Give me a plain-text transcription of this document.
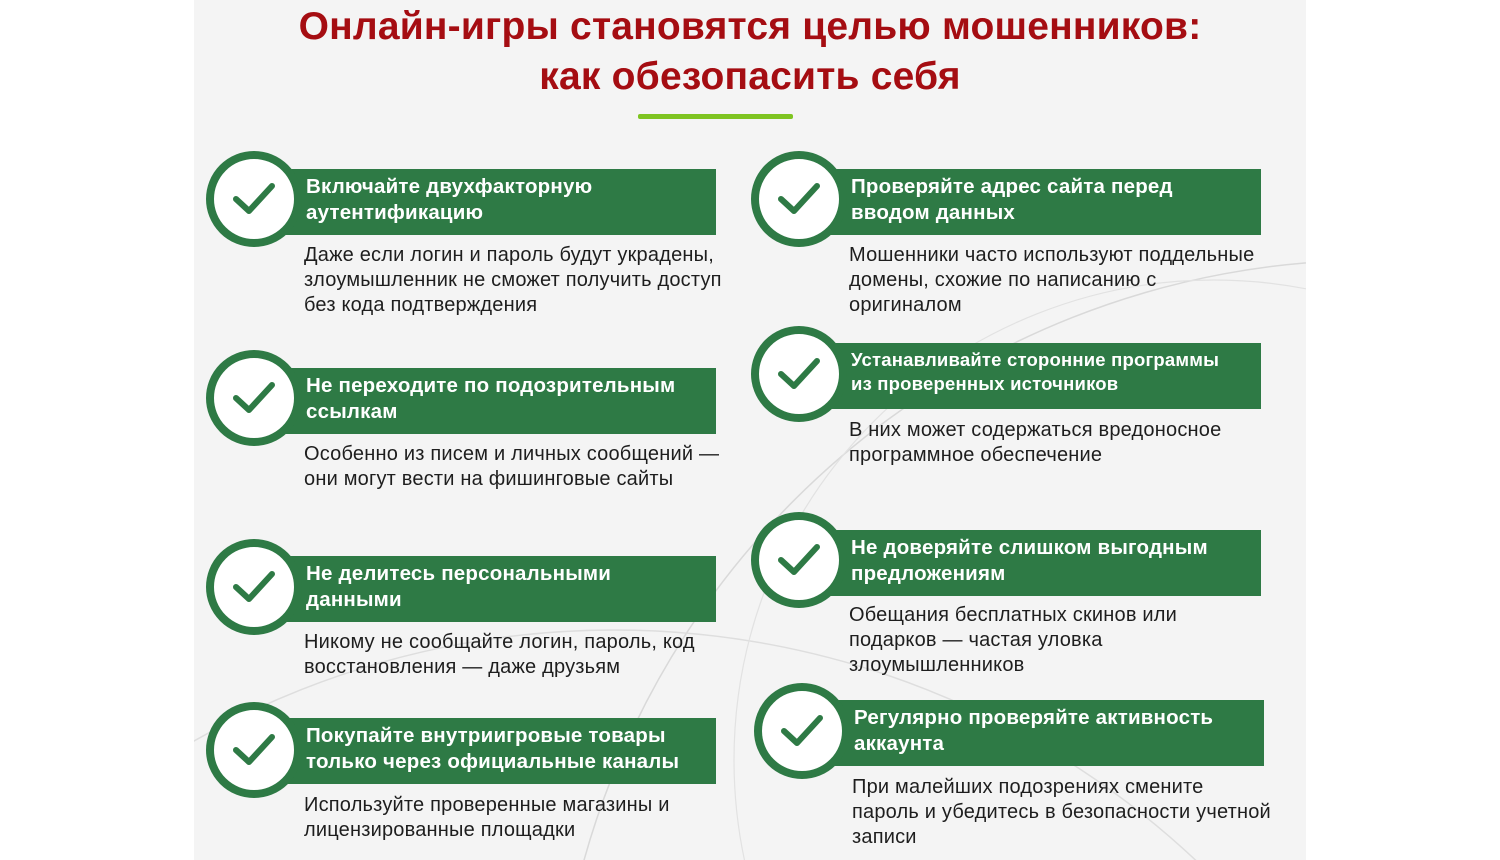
Онлайн-игры становятся целью мошенников:
как обезопасить себя
Включайте двухфакторную аутентификацию
Даже если логин и пароль будут украдены, злоумышленник не сможет получить доступ без кода подтверждения
Не переходите по подозрительным ссылкам
Особенно из писем и личных сообщений — они могут вести на фишинговые сайты
Не делитесь персональными данными
Никому не сообщайте логин, пароль, код восстановления — даже друзьям
Покупайте внутриигровые товары только через официальные каналы
Используйте проверенные магазины и лицензированные площадки
Проверяйте адрес сайта перед вводом данных
Мошенники часто используют поддельные домены, схожие по написанию с оригиналом
Устанавливайте сторонние программы из проверенных источников
В них может содержаться вредоносное программное обеспечение
Не доверяйте слишком выгодным предложениям
Обещания бесплатных скинов или подарков — частая уловка злоумышленников
Регулярно проверяйте активность аккаунта
При малейших подозрениях смените пароль и убедитесь в безопасности учетной записи
